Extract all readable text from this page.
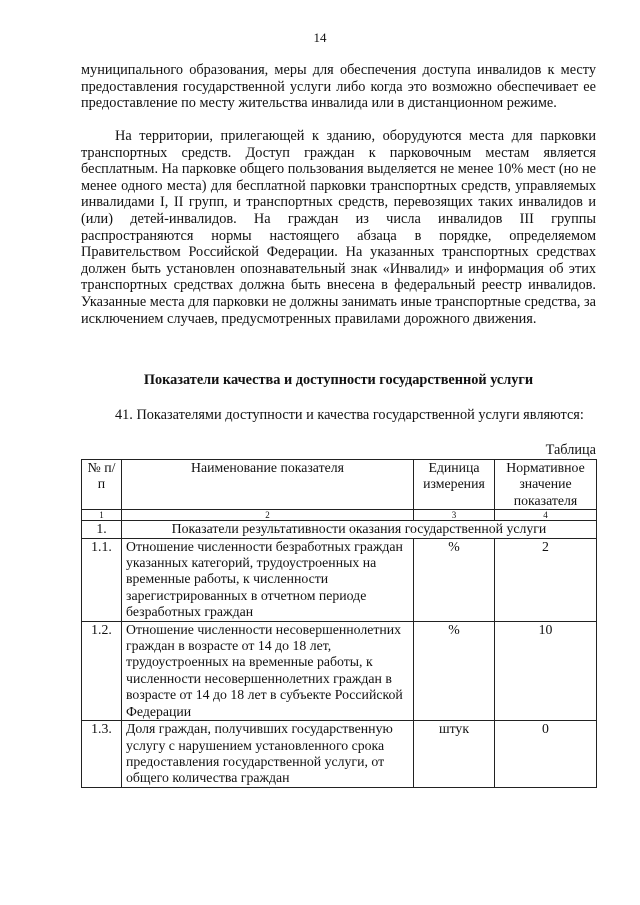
14

муниципального образования, меры для обеспечения доступа инвалидов к месту предоставления государственной услуги либо когда это возможно обеспечивает ее предоставление по месту жительства инвалида или в дистанционном режиме.

На территории, прилегающей к зданию, оборудуются места для парковки транспортных средств. Доступ граждан к парковочным местам является бесплатным. На парковке общего пользования выделяется не менее 10% мест (но не менее одного места) для бесплатной парковки транспортных средств, управляемых инвалидами I, II групп, и транспортных средств, перевозящих таких инвалидов и (или) детей-инвалидов. На граждан из числа инвалидов III группы распространяются нормы настоящего абзаца в порядке, определяемом Правительством Российской Федерации. На указанных транспортных средствах должен быть установлен опознавательный знак «Инвалид» и информация об этих транспортных средствах должна быть внесена в федеральный реестр инвалидов. Указанные места для парковки не должны занимать иные транспортные средства, за исключением случаев, предусмотренных правилами дорожного движения.

Показатели качества и доступности государственной услуги

41. Показателями доступности и качества государственной услуги являются:

Таблица
№ п/п	Наименование показателя	Единица измерения	Нормативное значение показателя
1	2	3	4
1.	Показатели результативности оказания государственной услуги		
1.1.	Отношение численности безработных граждан указанных категорий, трудоустроенных на временные работы, к численности зарегистрированных в отчетном периоде безработных граждан	%	2
1.2.	Отношение численности несовершеннолетних граждан в возрасте от 14 до 18 лет, трудоустроенных на временные работы, к численности несовершеннолетних граждан в возрасте от 14 до 18 лет в субъекте Российской Федерации	%	10
1.3.	Доля граждан, получивших государственную услугу с нарушением установленного срока предоставления государственной услуги, от общего количества граждан	штук	0
